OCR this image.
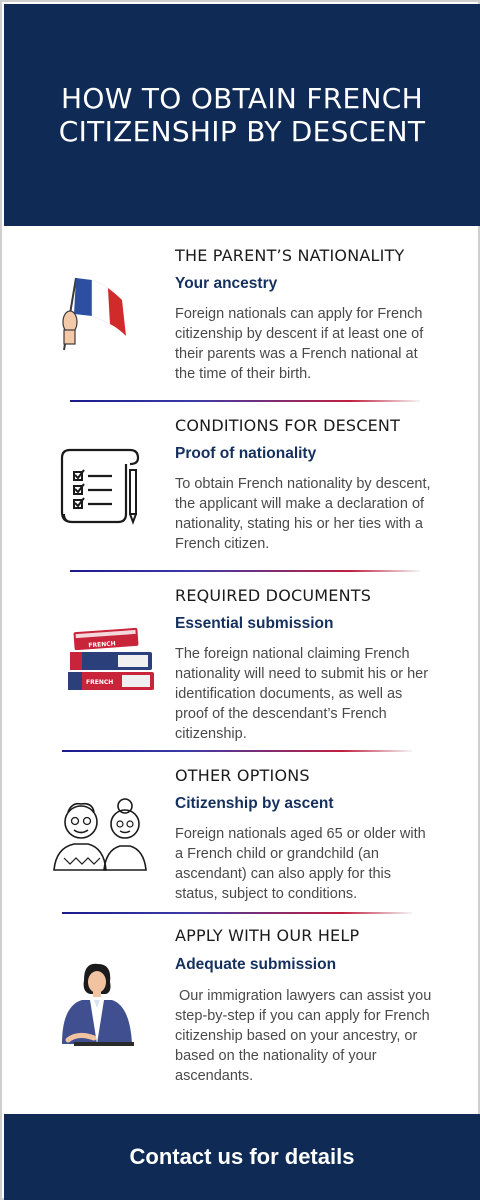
HOW TO OBTAIN FRENCH CITIZENSHIP BY DESCENT
THE PARENT’S NATIONALITY
Your ancestry
Foreign nationals can apply for French citizenship by descent if at least one of their parents was a French national at the time of their birth.
CONDITIONS FOR DESCENT
Proof of nationality
To obtain French nationality by descent, the applicant will make a declaration of nationality, stating his or her ties with a French citizen.
FRENCH
FRENCH
REQUIRED DOCUMENTS
Essential submission
The foreign national claiming French nationality will need to submit his or her identification documents, as well as proof of the descendant’s French citizenship.
OTHER OPTIONS
Citizenship by ascent
Foreign nationals aged 65 or older with a French child or grandchild (an ascendant) can also apply for this status, subject to conditions.
APPLY WITH OUR HELP
Adequate submission
Our immigration lawyers can assist you step-by-step if you can apply for French citizenship based on your ancestry, or based on the nationality of your ascendants.
Contact us for details
